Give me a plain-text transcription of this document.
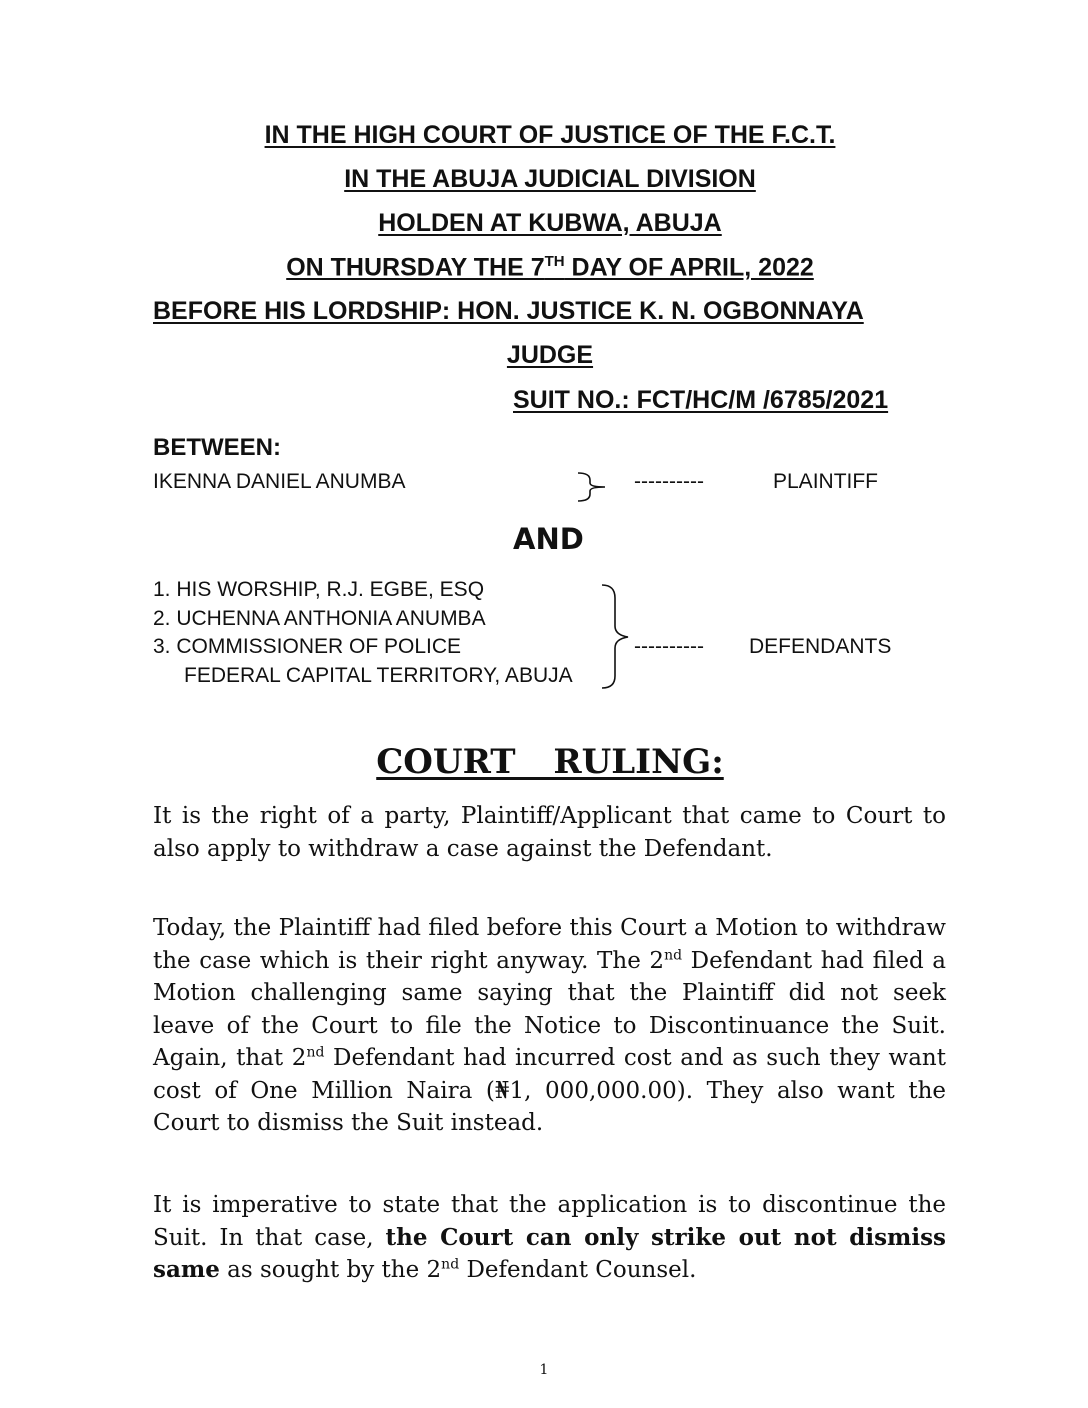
IN THE HIGH COURT OF JUSTICE OF THE F.C.T.
IN THE ABUJA JUDICIAL DIVISION
HOLDEN AT KUBWA, ABUJA
ON THURSDAY THE 7TH DAY OF APRIL, 2022
BEFORE HIS LORDSHIP: HON. JUSTICE K. N. OGBONNAYA
JUDGE
SUIT NO.: FCT/HC/M /6785/2021
BETWEEN:
IKENNA DANIEL ANUMBA	----------	PLAINTIFF
AND
1. HIS WORSHIP, R.J. EGBE, ESQ
2. UCHENNA ANTHONIA ANUMBA
3. COMMISSIONER OF POLICE
FEDERAL CAPITAL TERRITORY, ABUJA
---------- DEFENDANTS
COURT RULING:

It is the right of a party, Plaintiff/Applicant that came to Court to also apply to withdraw a case against the Defendant.

Today, the Plaintiff had filed before this Court a Motion to withdraw the case which is their right anyway. The 2nd Defendant had filed a Motion challenging same saying that the Plaintiff did not seek leave of the Court to file the Notice to Discontinuance the Suit. Again, that 2nd Defendant had incurred cost and as such they want cost of One Million Naira (₦1, 000,000.00). They also want the Court to dismiss the Suit instead.

It is imperative to state that the application is to discontinue the Suit. In that case, the Court can only strike out not dismiss same as sought by the 2nd Defendant Counsel.

1
